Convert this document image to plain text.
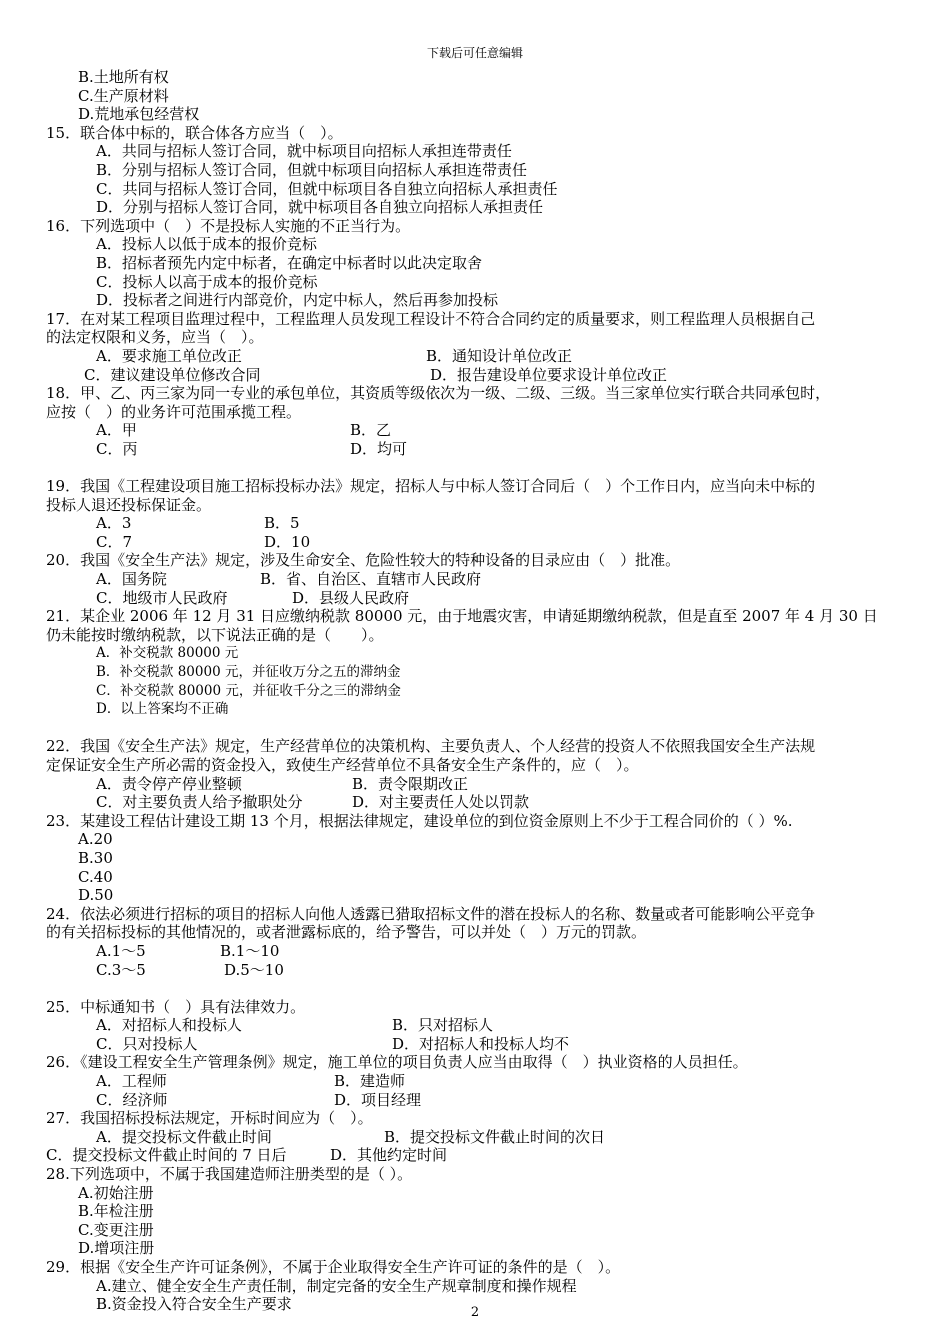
下载后可任意编辑
B.土地所有权
C.生产原材料
D.荒地承包经营权
15．联合体中标的，联合体各方应当（　）。
A．共同与招标人签订合同，就中标项目向招标人承担连带责任
B．分别与招标人签订合同，但就中标项目向招标人承担连带责任
C．共同与招标人签订合同，但就中标项目各自独立向招标人承担责任
D．分别与招标人签订合同，就中标项目各自独立向招标人承担责任
16．下列选项中（　）不是投标人实施的不正当行为。
A．投标人以低于成本的报价竞标
B．招标者预先内定中标者，在确定中标者时以此决定取舍
C．投标人以高于成本的报价竞标
D．投标者之间进行内部竞价，内定中标人，然后再参加投标
17．在对某工程项目监理过程中，工程监理人员发现工程设计不符合合同约定的质量要求，则工程监理人员根据自己
的法定权限和义务，应当（　）。
A．要求施工单位改正	B．通知设计单位改正
C．建议建设单位修改合同	D．报告建设单位要求设计单位改正
18．甲、乙、丙三家为同一专业的承包单位，其资质等级依次为一级、二级、三级。当三家单位实行联合共同承包时，
应按（　）的业务许可范围承揽工程。
A．甲	B．乙
C．丙	D．均可
19．我国《工程建设项目施工招标投标办法》规定，招标人与中标人签订合同后（　）个工作日内，应当向未中标的
投标人退还投标保证金。
A．3	B．5
C．7	D．10
20．我国《安全生产法》规定，涉及生命安全、危险性较大的特种设备的目录应由（　）批准。
A．国务院	B．省、自治区、直辖市人民政府
C．地级市人民政府	D．县级人民政府
21．某企业 2006 年 12 月 31 日应缴纳税款 80000 元，由于地震灾害，申请延期缴纳税款，但是直至 2007 年 4 月 30 日
仍未能按时缴纳税款，以下说法正确的是（　　）。
A．补交税款 80000 元
B．补交税款 80000 元，并征收万分之五的滞纳金
C．补交税款 80000 元，并征收千分之三的滞纳金
D．以上答案均不正确
22．我国《安全生产法》规定，生产经营单位的决策机构、主要负责人、个人经营的投资人不依照我国安全生产法规
定保证安全生产所必需的资金投入，致使生产经营单位不具备安全生产条件的，应（　）。
A．责令停产停业整顿	B．责令限期改正
C．对主要负责人给予撤职处分	D．对主要责任人处以罚款
23．某建设工程估计建设工期 13 个月，根据法律规定，建设单位的到位资金原则上不少于工程合同价的（ ）%.
A.20
B.30
C.40
D.50
24．依法必须进行招标的项目的招标人向他人透露已猎取招标文件的潜在投标人的名称、数量或者可能影响公平竞争
的有关招标投标的其他情况的，或者泄露标底的，给予警告，可以并处（　）万元的罚款。
A.1～5	B.1～10
C.3～5	D.5～10
25．中标通知书（　）具有法律效力。
A．对招标人和投标人	B．只对招标人
C．只对投标人	D．对招标人和投标人均不
26．《建设工程安全生产管理条例》规定，施工单位的项目负责人应当由取得（　）执业资格的人员担任。
A．工程师	B．建造师
C．经济师	D．项目经理
27．我国招标投标法规定，开标时间应为（　）。
A．提交投标文件截止时间	B．提交投标文件截止时间的次日
C．提交投标文件截止时间的 7 日后	D．其他约定时间
28.下列选项中，不属于我国建造师注册类型的是（ ）。
A.初始注册
B.年检注册
C.变更注册
D.增项注册
29．根据《安全生产许可证条例》，不属于企业取得安全生产许可证的条件的是（　）。
A.建立、健全安全生产责任制，制定完备的安全生产规章制度和操作规程
B.资金投入符合安全生产要求	2
